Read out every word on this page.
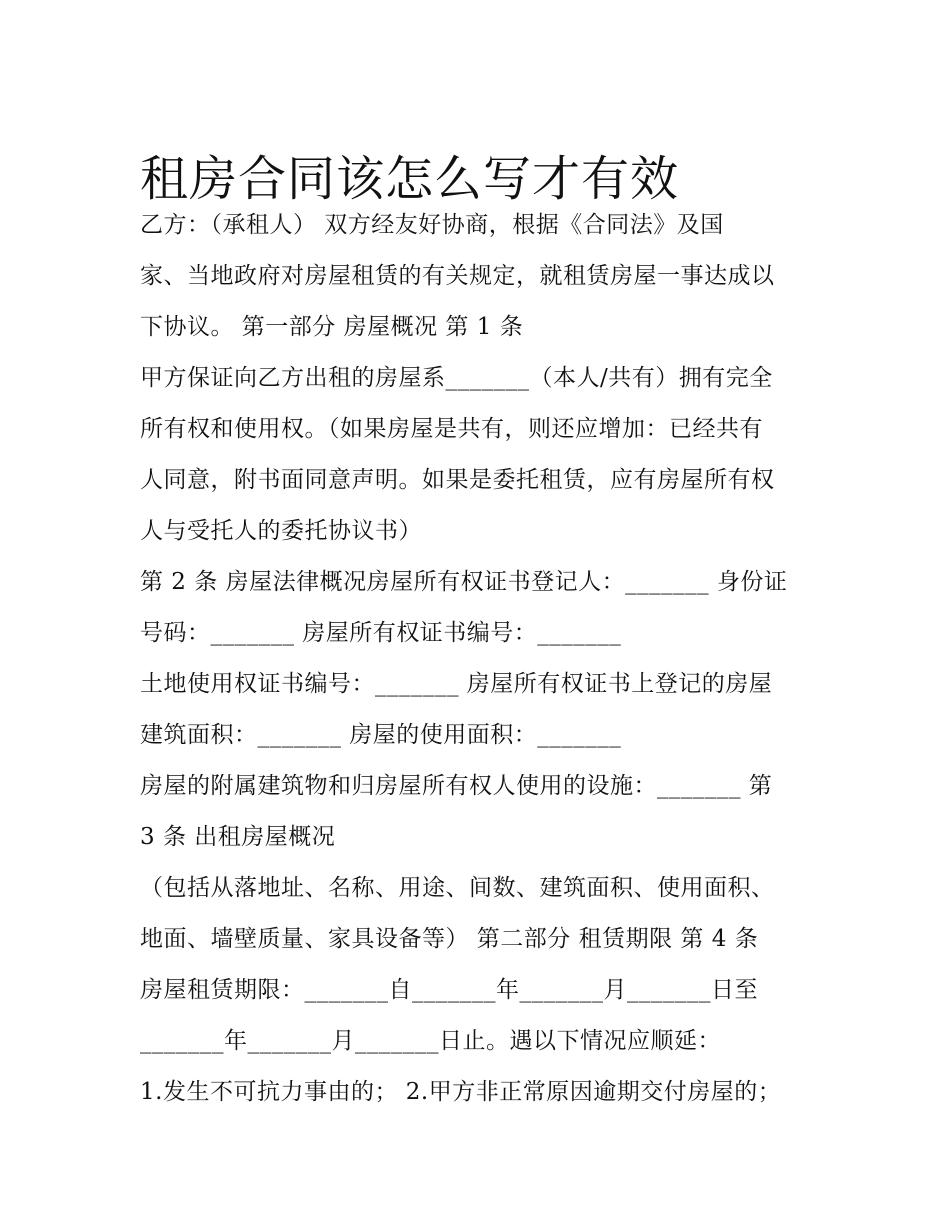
租房合同该怎么写才有效
乙方：（承租人） 双方经友好协商，根据《合同法》及国
家、当地政府对房屋租赁的有关规定，就租赁房屋一事达成以
下协议。 第一部分 房屋概况 第 1 条
甲方保证向乙方出租的房屋系_______（本人/共有）拥有完全
所有权和使用权。（如果房屋是共有，则还应增加：已经共有
人同意，附书面同意声明。如果是委托租赁，应有房屋所有权
人与受托人的委托协议书）
第 2 条 房屋法律概况房屋所有权证书登记人：_______ 身份证
号码：_______ 房屋所有权证书编号：_______
土地使用权证书编号：_______ 房屋所有权证书上登记的房屋
建筑面积：_______ 房屋的使用面积：_______
房屋的附属建筑物和归房屋所有权人使用的设施：_______ 第
3 条 出租房屋概况
（包括从落地址、名称、用途、间数、建筑面积、使用面积、
地面、墙壁质量、家具设备等） 第二部分 租赁期限 第 4 条
房屋租赁期限：_______自_______年_______月_______日至
_______年_______月_______日止。遇以下情况应顺延：
1.发生不可抗力事由的； 2.甲方非正常原因逾期交付房屋的；
